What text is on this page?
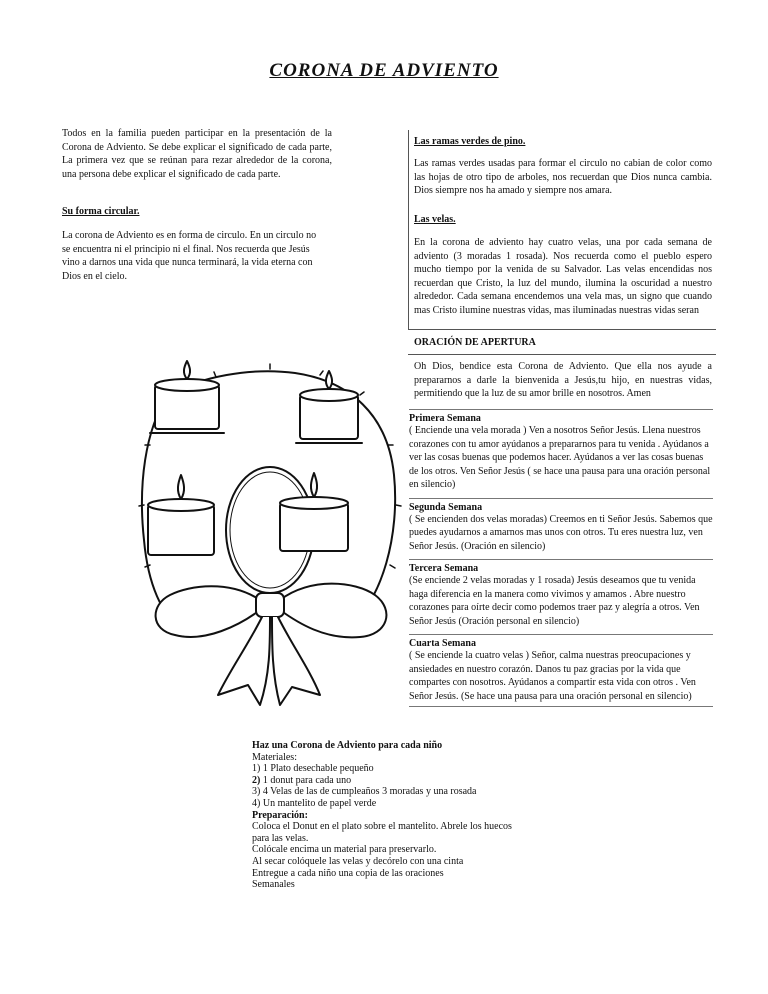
CORONA DE ADVIENTO

Todos en la familia pueden participar en la presentación de la Corona de Adviento. Se debe explicar el significado de cada parte, La primera vez que se reúnan para rezar alrededor de la corona, una persona debe explicar el significado de cada parte.

Su forma circular.

La corona de Adviento es en forma de circulo. En un circulo no se encuentra ni el principio ni el final. Nos recuerda que Jesús vino a darnos una vida que nunca terminará, la vida eterna con Dios en el cielo.

Las ramas verdes de pino.

Las ramas verdes usadas para formar el circulo no cabian de color como las hojas de otro tipo de arboles, nos recuerdan que Dios nunca cambia. Dios siempre nos ha amado y siempre nos amara.

Las velas.

En la corona de adviento hay cuatro velas, una por cada semana de adviento (3 moradas 1 rosada). Nos recuerda como el pueblo espero mucho tiempo por la venida de su Salvador. Las velas encendidas nos recuerdan que Cristo, la luz del mundo, ilumina la oscuridad a nuestro alrededor. Cada semana encendemos una vela mas, un signo que cuando mas Cristo ilumine nuestras vidas, mas iluminadas nuestras vidas seran

ORACIÓN DE APERTURA

Oh Dios, bendice esta Corona de Adviento. Que ella nos ayude a prepararnos a darle la bienvenida a Jesús,tu hijo, en nuestras vidas, permitiendo que la luz de su amor brille en nosotros. Amen

Primera Semana

( Enciende una vela morada ) Ven a nosotros Señor Jesús. Llena nuestros corazones con tu amor ayúdanos a prepararnos para tu venida . Ayúdanos a ver las cosas buenas que podemos hacer. Ayúdanos a ver las cosas buenas de los otros. Ven Señor Jesús ( se hace una pausa para una oración personal en silencio)

Segunda Semana

( Se encienden dos velas moradas) Creemos en ti Señor Jesús. Sabemos que puedes ayudarnos a amarnos mas unos con otros. Tu eres nuestra luz, ven Señor Jesús. (Oración en silencio)

Tercera Semana

(Se enciende 2 velas moradas y 1 rosada) Jesús deseamos que tu venida haga diferencia en la manera como vivimos y amamos . Abre nuestro corazones para oírte decir como podemos traer paz y alegría a otros. Ven Señor Jesús (Oración personal en silencio)

Cuarta Semana

( Se enciende la cuatro velas ) Señor, calma nuestras preocupaciones y ansiedades en nuestro corazón. Danos tu paz gracias por la vida que compartes con nosotros. Ayúdanos a compartir esta vida con otros . Ven Señor Jesús. (Se hace una pausa para una oración personal en silencio)

Haz una Corona de Adviento para cada niño
Materiales:
1) 1 Plato desechable pequeño
2) 1 donut para cada uno
3) 4 Velas de las de cumpleaños 3 moradas y una rosada
4) Un mantelito de papel verde
Preparación:
Coloca el Donut en el plato sobre el mantelito. Abrele los huecos
para las velas.
Colócale encima un material para preservarlo.
Al secar colóquele las velas y decórelo con una cinta
Entregue a cada niño una copia de las oraciones
Semanales
